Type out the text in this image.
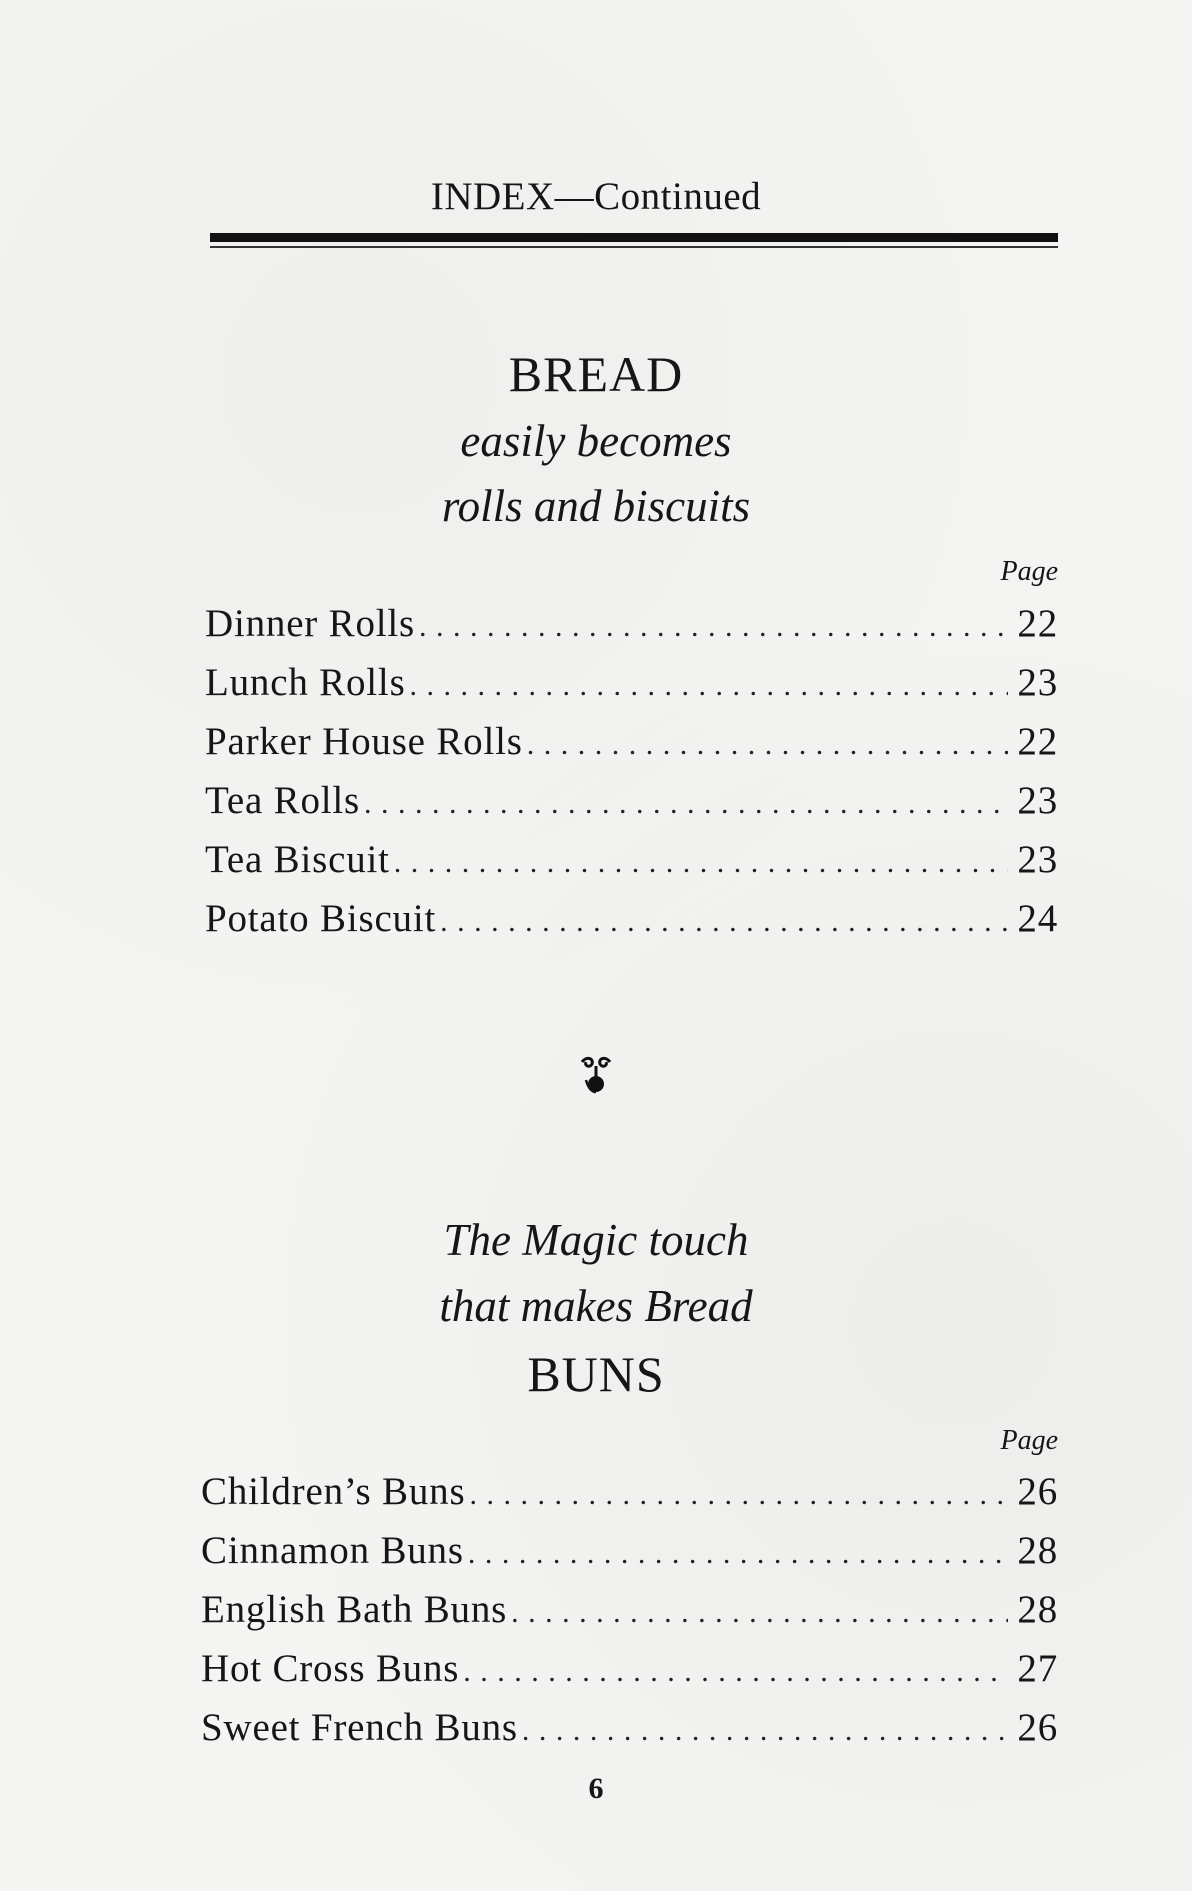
INDEX—Continued
BREAD
easily becomes
rolls and biscuits
Page
Dinner Rolls . . .	22
Lunch Rolls . . .	23
Parker House Rolls . . .	22
Tea Rolls . . .	23
Tea Biscuit . . .	23
Potato Biscuit . . .	24
The Magic touch
that makes Bread
BUNS
Page
Children’s Buns . . .	26
Cinnamon Buns . . .	28
English Bath Buns . . .	28
Hot Cross Buns . . .	27
Sweet French Buns . . .	26
6
